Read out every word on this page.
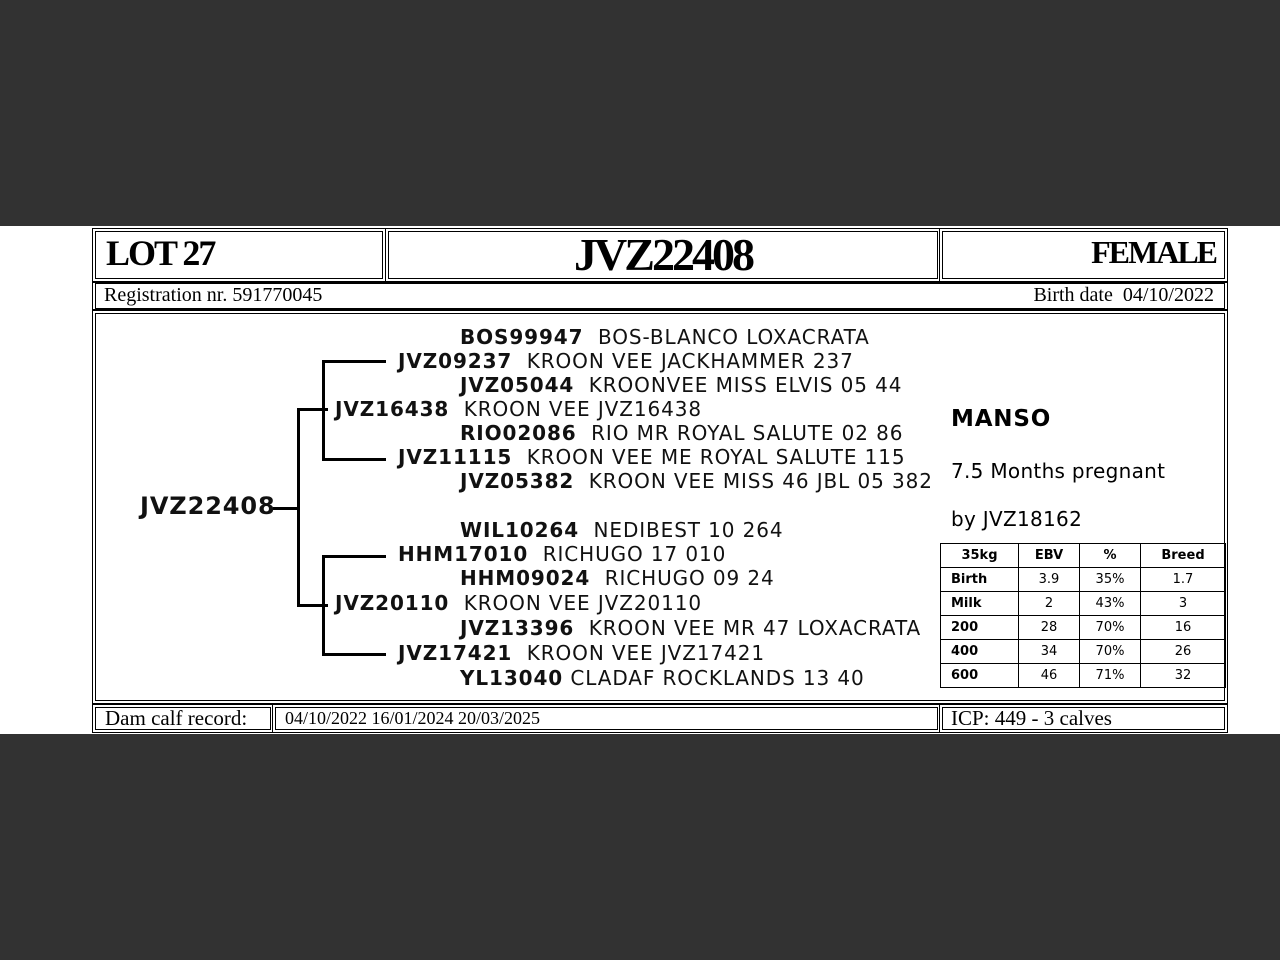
LOT 27	JVZ22408	FEMALE
Registration nr. 591770045	Birth date 04/10/2022
JVZ22408
BOS99947 BOS-BLANCO LOXACRATA
JVZ09237 KROON VEE JACKHAMMER 237
JVZ05044 KROONVEE MISS ELVIS 05 44
JVZ16438 KROON VEE JVZ16438
RIO02086 RIO MR ROYAL SALUTE 02 86
JVZ11115 KROON VEE ME ROYAL SALUTE 115
JVZ05382 KROON VEE MISS 46 JBL 05 382
WIL10264 NEDIBEST 10 264
HHM17010 RICHUGO 17 010
HHM09024 RICHUGO 09 24
JVZ20110 KROON VEE JVZ20110
JVZ13396 KROON VEE MR 47 LOXACRATA
JVZ17421 KROON VEE JVZ17421
YL13040 CLADAF ROCKLANDS 13 40
MANSO
7.5 Months pregnant
by JVZ18162
35kg	EBV	%	Breed
Birth	3.9	35%	1.7
Milk	2	43%	3
200	28	70%	16
400	34	70%	26
600	46	71%	32
Dam calf record: 04/10/2022 16/01/2024 20/03/2025	ICP: 449 - 3 calves
